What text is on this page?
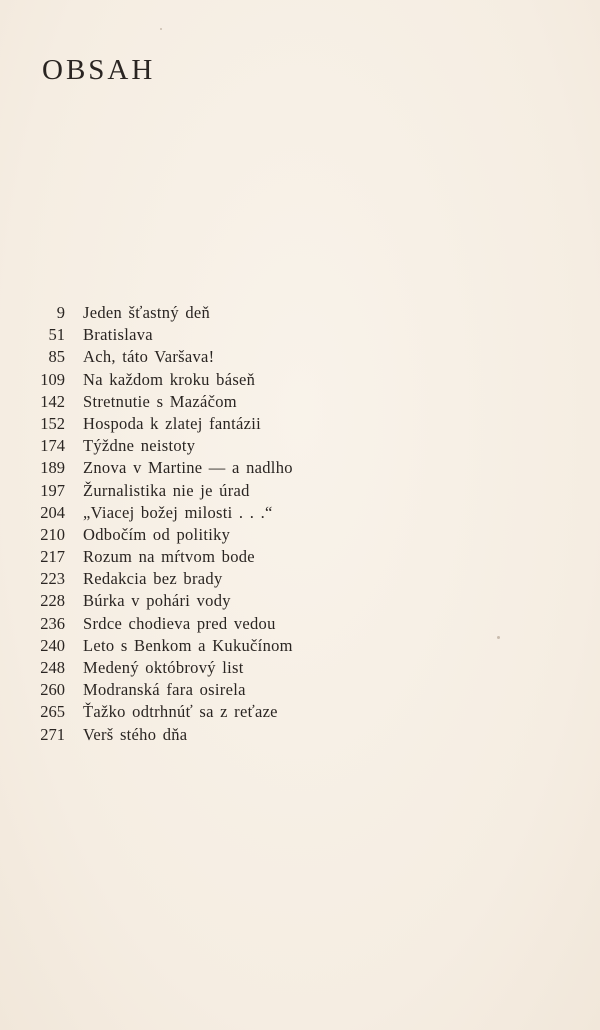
OBSAH
9 Jeden šťastný deň
51 Bratislava
85 Ach, táto Varšava!
109 Na každom kroku báseň
142 Stretnutie s Mazáčom
152 Hospoda k zlatej fantázii
174 Týždne neistoty
189 Znova v Martine — a nadlho
197 Žurnalistika nie je úrad
204 „Viacej božej milosti . . .“
210 Odbočím od politiky
217 Rozum na mŕtvom bode
223 Redakcia bez brady
228 Búrka v pohári vody
236 Srdce chodieva pred vedou
240 Leto s Benkom a Kukučínom
248 Medený októbrový list
260 Modranská fara osirela
265 Ťažko odtrhnúť sa z reťaze
271 Verš stého dňa
